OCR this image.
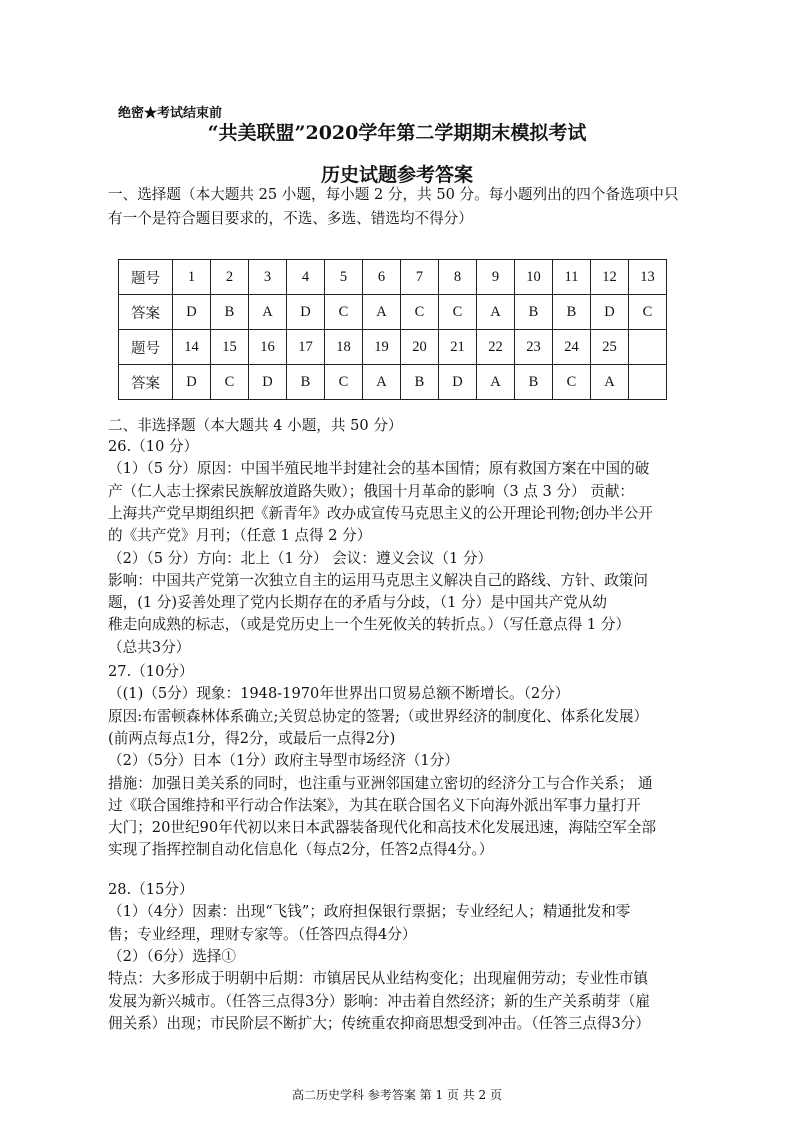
绝密★考试结束前
“共美联盟”2020学年第二学期期末模拟考试
历史试题参考答案
一、选择题（本大题共 25 小题，每小题 2 分，共 50 分。每小题列出的四个备选项中只
有一个是符合题目要求的，不选、多选、错选均不得分）
题号	1	2	3	4	5	6	7	8	9	10	11	12	13
答案	D	B	A	D	C	A	C	C	A	B	B	D	C
题号	14	15	16	17	18	19	20	21	22	23	24	25	
答案	D	C	D	B	C	A	B	D	A	B	C	A	
二、非选择题（本大题共 4 小题，共 50 分）
26.（10 分）
（1）（5 分）原因：中国半殖民地半封建社会的基本国情；原有救国方案在中国的破
产（仁人志士探索民族解放道路失败）；俄国十月革命的影响（3 点 3 分） 贡献：
上海共产党早期组织把《新青年》改办成宣传马克思主义的公开理论刊物;创办半公开
的《共产党》月刊；（任意 1 点得 2 分）
（2）（5 分）方向：北上（1 分） 会议：遵义会议（1 分）
影响：中国共产党第一次独立自主的运用马克思主义解决自己的路线、方针、政策问
题，(1 分)妥善处理了党内长期存在的矛盾与分歧，（1 分）是中国共产党从幼
稚走向成熟的标志，（或是党历史上一个生死攸关的转折点。）（写任意点得 1 分）
（总共3分）
27.（10分）
（(1)（5分）现象：1948-1970年世界出口贸易总额不断增长。（2分）
原因:布雷顿森林体系确立;关贸总协定的签署;（或世界经济的制度化、体系化发展）
(前两点每点1分，得2分，或最后一点得2分)
（2）（5分）日本（1分）政府主导型市场经济（1分）
措施：加强日美关系的同时，也注重与亚洲邻国建立密切的经济分工与合作关系； 通
过《联合国维持和平行动合作法案》，为其在联合国名义下向海外派出军事力量打开
大门；20世纪90年代初以来日本武器装备现代化和高技术化发展迅速，海陆空军全部
实现了指挥控制自动化信息化（每点2分，任答2点得4分。）
28.（15分）
（1）（4分）因素：出现“飞钱”；政府担保银行票据；专业经纪人；精通批发和零
售；专业经理，理财专家等。（任答四点得4分）
（2）（6分）选择①
特点：大多形成于明朝中后期：市镇居民从业结构变化；出现雇佣劳动；专业性市镇
发展为新兴城市。（任答三点得3分）影响：冲击着自然经济；新的生产关系萌芽（雇
佣关系）出现；市民阶层不断扩大；传统重农抑商思想受到冲击。（任答三点得3分）
高二历史学科 参考答案 第 1 页 共 2 页
